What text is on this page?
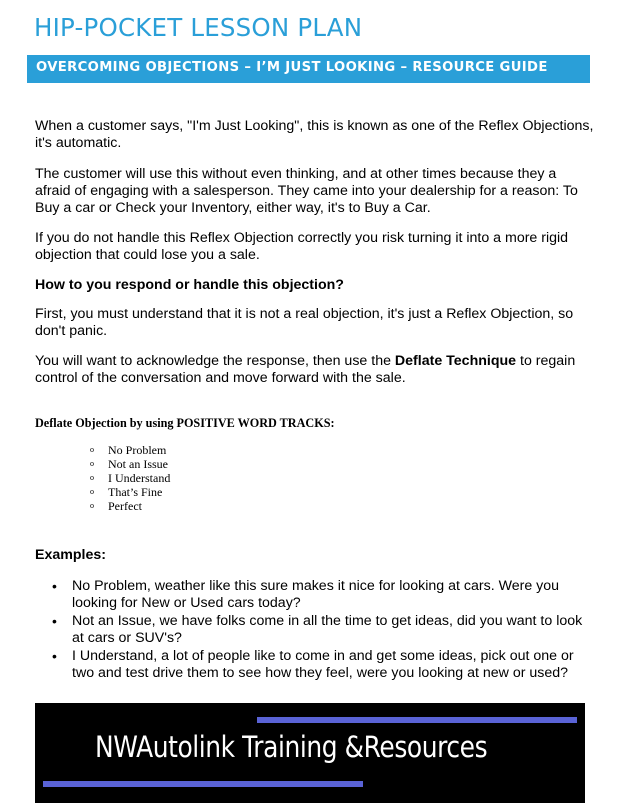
HIP-POCKET LESSON PLAN
OVERCOMING OBJECTIONS – I’M JUST LOOKING – RESOURCE GUIDE

When a customer says, "I'm Just Looking", this is known as one of the Reflex Objections, it's automatic.

The customer will use this without even thinking, and at other times because they a afraid of engaging with a salesperson. They came into your dealership for a reason: To Buy a car or Check your Inventory, either way, it's to Buy a Car.

If you do not handle this Reflex Objection correctly you risk turning it into a more rigid objection that could lose you a sale.

How to you respond or handle this objection?

First, you must understand that it is not a real objection, it's just a Reflex Objection, so don't panic.

You will want to acknowledge the response, then use the Deflate Technique to regain control of the conversation and move forward with the sale.

Deflate Objection by using POSITIVE WORD TRACKS:
o No Problem
o Not an Issue
o I Understand
o That’s Fine
o Perfect
Examples:
• No Problem, weather like this sure makes it nice for looking at cars. Were you looking for New or Used cars today?
• Not an Issue, we have folks come in all the time to get ideas, did you want to look at cars or SUV's?
• I Understand, a lot of people like to come in and get some ideas, pick out one or two and test drive them to see how they feel, were you looking at new or used?
NWAutolink Training &Resources
